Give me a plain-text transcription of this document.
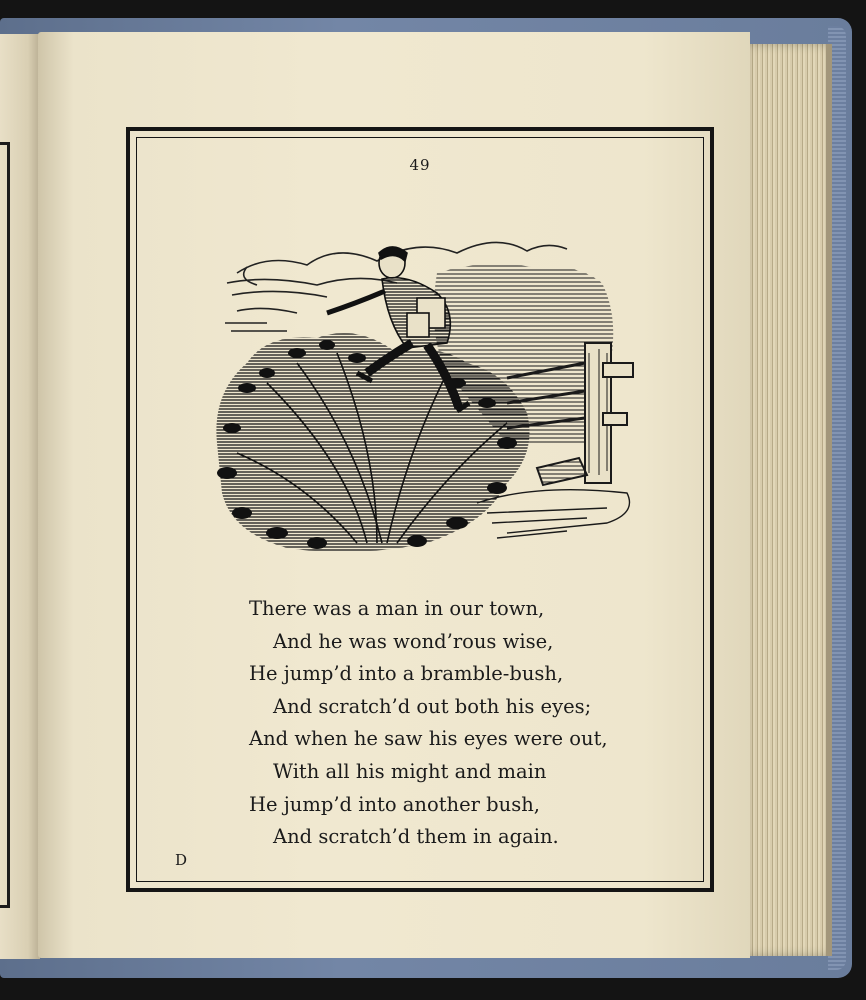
49
There was a man in our town,
And he was wond’rous wise,
He jump’d into a bramble-bush,
And scratch’d out both his eyes;
And when he saw his eyes were out,
With all his might and main
He jump’d into another bush,
And scratch’d them in again.
D
